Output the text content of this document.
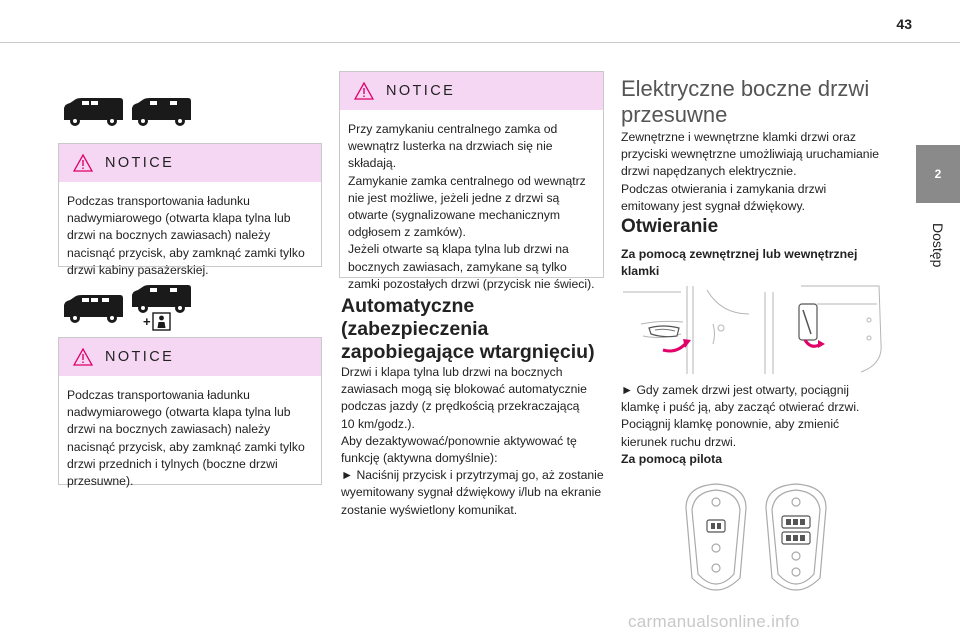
43
2
Dostęp
NOTICE
Podczas transportowania ładunku
nadwymiarowego (otwarta klapa tylna lub
drzwi na bocznych zawiasach) należy
nacisnąć przycisk, aby zamknąć zamki tylko
drzwi kabiny pasażerskiej.
+
NOTICE
Podczas transportowania ładunku
nadwymiarowego (otwarta klapa tylna lub
drzwi na bocznych zawiasach) należy
nacisnąć przycisk, aby zamknąć zamki tylko
drzwi przednich i tylnych (boczne drzwi
przesuwne).
NOTICE
Przy zamykaniu centralnego zamka od
wewnątrz lusterka na drzwiach się nie
składają.
Zamykanie zamka centralnego od wewnątrz
nie jest możliwe, jeżeli jedne z drzwi są
otwarte (sygnalizowane mechanicznym
odgłosem z zamków).
Jeżeli otwarte są klapa tylna lub drzwi na
bocznych zawiasach, zamykane są tylko
zamki pozostałych drzwi (przycisk nie świeci).
Automatyczne
(zabezpieczenia
zapobiegające wtargnięciu)
Drzwi i klapa tylna lub drzwi na bocznych
zawiasach mogą się blokować automatycznie
podczas jazdy (z prędkością przekraczającą
10 km/godz.).
Aby dezaktywować/ponownie aktywować tę
funkcję (aktywna domyślnie):
► Naciśnij przycisk i przytrzymaj go, aż zostanie
wyemitowany sygnał dźwiękowy i/lub na ekranie
zostanie wyświetlony komunikat.
Elektryczne boczne drzwi
przesuwne
Zewnętrzne i wewnętrzne klamki drzwi oraz
przyciski wewnętrzne umożliwiają uruchamianie
drzwi napędzanych elektrycznie.
Podczas otwierania i zamykania drzwi
emitowany jest sygnał dźwiękowy.
Otwieranie
Za pomocą zewnętrznej lub wewnętrznej
klamki
► Gdy zamek drzwi jest otwarty, pociągnij
klamkę i puść ją, aby zacząć otwierać drzwi.
Pociągnij klamkę ponownie, aby zmienić
kierunek ruchu drzwi.
Za pomocą pilota
carmanualsonline.info
